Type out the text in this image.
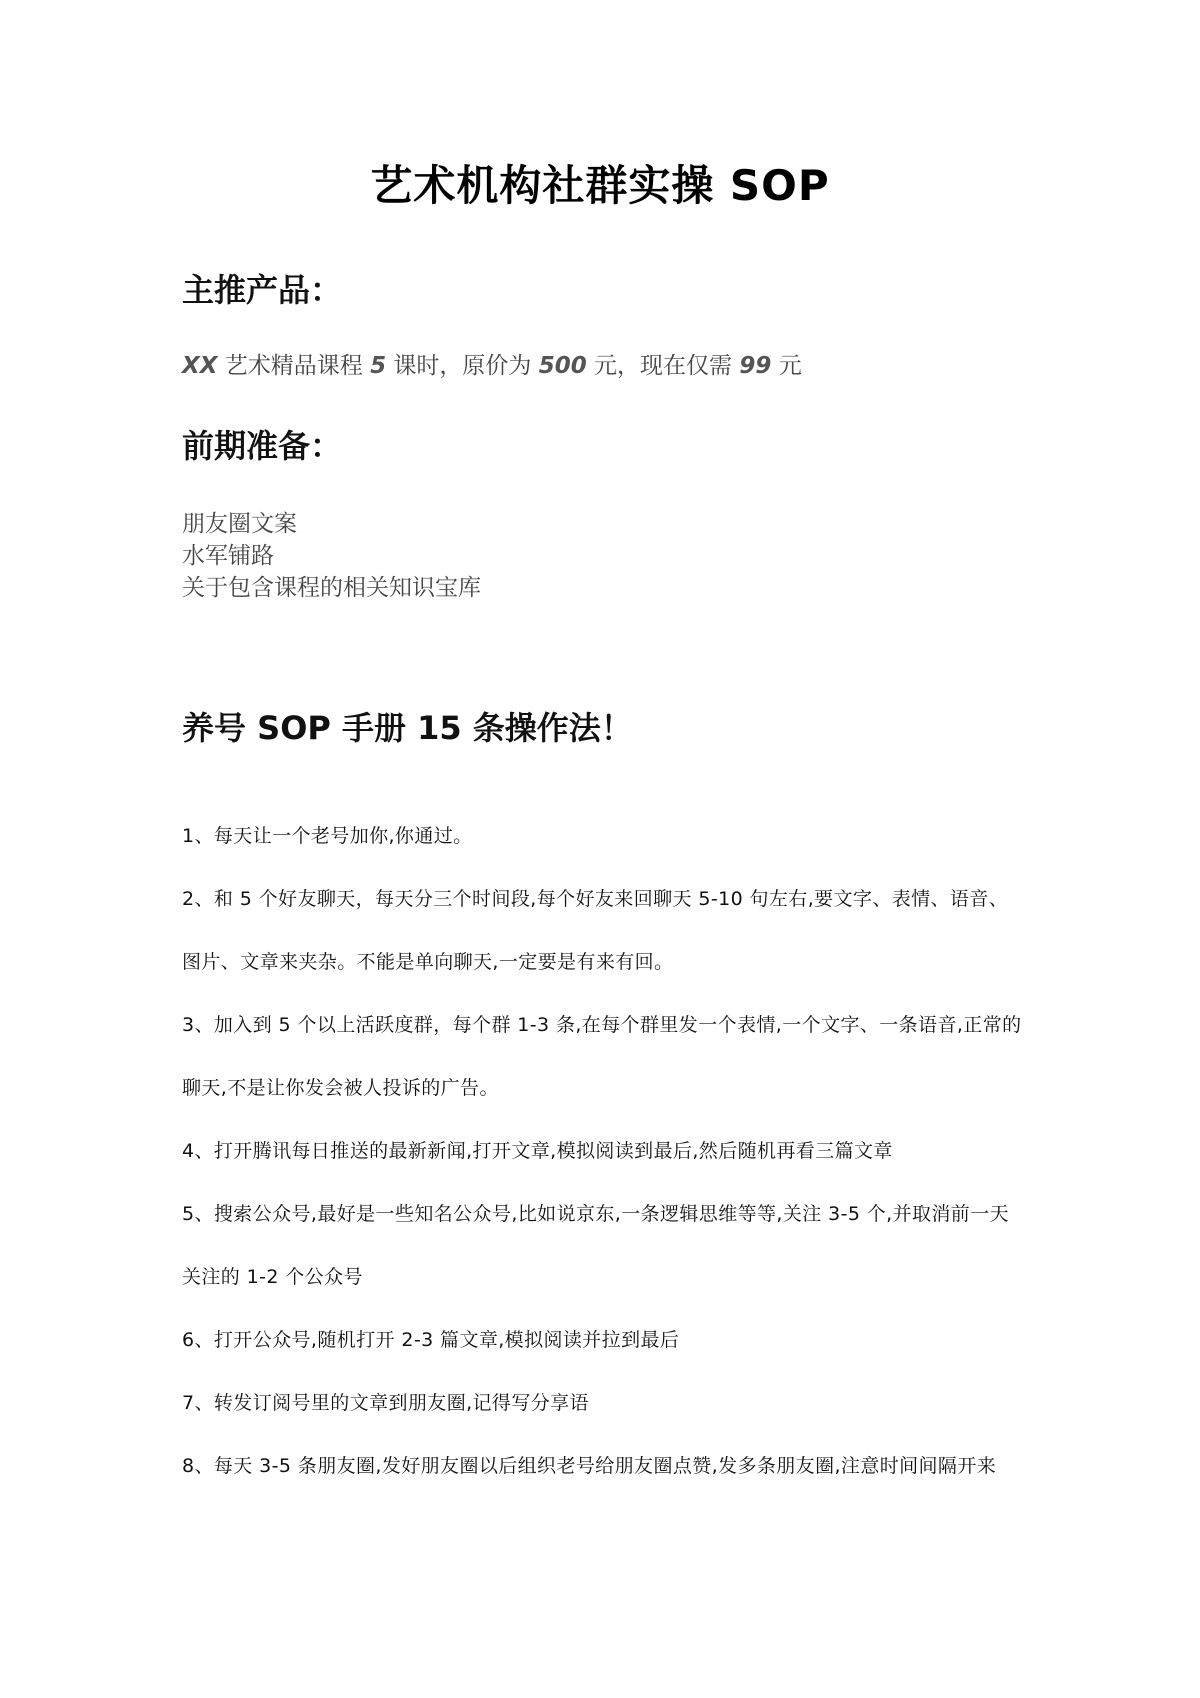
艺术机构社群实操 SOP
主推产品：
XX 艺术精品课程 5 课时，原价为 500 元，现在仅需 99 元
前期准备：
朋友圈文案
水军铺路
关于包含课程的相关知识宝库
养号 SOP 手册 15 条操作法！
1、每天让一个老号加你,你通过。
2、和 5 个好友聊天，每天分三个时间段,每个好友来回聊天 5-10 句左右,要文字、表情、语音、图片、文章来夹杂。不能是单向聊天,一定要是有来有回。
3、加入到 5 个以上活跃度群，每个群 1-3 条,在每个群里发一个表情,一个文字、一条语音,正常的聊天,不是让你发会被人投诉的广告。
4、打开腾讯每日推送的最新新闻,打开文章,模拟阅读到最后,然后随机再看三篇文章
5、搜索公众号,最好是一些知名公众号,比如说京东,一条逻辑思维等等,关注 3-5 个,并取消前一天关注的 1-2 个公众号
6、打开公众号,随机打开 2-3 篇文章,模拟阅读并拉到最后
7、转发订阅号里的文章到朋友圈,记得写分享语
8、每天 3-5 条朋友圈,发好朋友圈以后组织老号给朋友圈点赞,发多条朋友圈,注意时间间隔开来
